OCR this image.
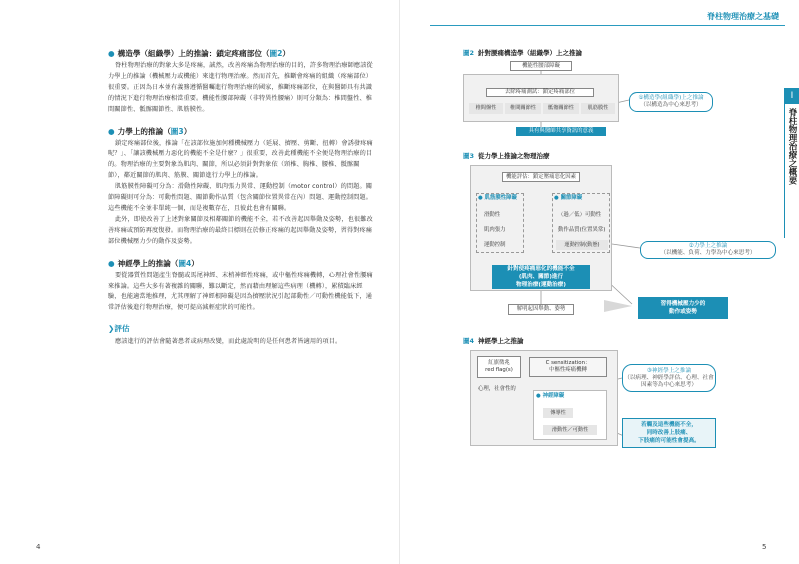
脊柱物理治療之基礎
Ⅰ
脊柱物理治療之概要
● 構造學（組織學）上的推論：鎖定疼痛部位（圖2）
脊柱物理治療的對象大多是疼痛，誠然，改善疼痛為物理治療的目的，許多物理治療師應該從力學上的推論（機械壓力或機能）來進行物理治療。然而首先，推斷會疼痛的組織（疼痛部位）很重要。正因為日本並有義務遵循醫囑進行物理治療的國家，推斷疼痛部位，在與醫師具有共識的情況下進行物理治療相當重要。機能性腰部障礙（非特異性腰痛）則可分類為：椎間盤性、椎間關節性、骶髂關節性、肌筋膜性。
● 力學上的推論（圖3）
鎖定疼痛部位後，推論「在該部位施加何種機械壓力（延展、擠壓、剪斷、扭轉）會誘發疼痛呢？」、「讓該機械壓力惡化的機能不全是什麼？」很重要，改善此種機能不全便是物理治療的目的。物理治療的主要對象為肌肉、關節，所以必須針對對象依（頸椎、胸椎、腰椎、骶髂關節），鄰近關節的肌肉、筋膜、關節進行力學上的推論。
肌筋膜性障礙可分為：滑動性障礙、肌肉張力異常、運動控制（motor control）的問題。關節障礙則可分為：可動性問題、關節動作品質（包含關節位置異常在內）問題、運動控制問題。這些機能不全並非單純一個，而是複數存在，且彼此也會有關聯。
此外，即使改善了上述對象關節及相鄰關節的機能不全，若不改善起因舉動及姿勢，也很難改善疼痛或預防再度復發。而物理治療的最終目標則在於修正疼痛的起因舉動及姿勢，習得對疼痛部位機械壓力少的動作及姿勢。
● 神經學上的推論（圖4）
要從器質性問題產生脊髓或馬尾神經、末梢神經性疼痛，或中樞性疼痛機轉，心理社會性腰痛來推論。這些大多有著複雜的關聯，難以斷定，然而藉由理解這些病理（機轉），累積臨床經驗，也能適當地推理，尤其理解了神經根障礙是因為擠壓狀況引起部動性／可動性機能低下，通常評估後進行物理治療，便可提高減輕症狀的可能性。
❯評估
應該進行的評估會隨著患者或病理改變，而此處說明的是任何患者皆適用的項目。
4	5
圖2 針對腰痛構造學（組織學）上之推論
機能性腰部障礙
去除疼痛測試：鎖定疼痛部位
椎間盤性	椎間關節性	骶髂關節性	肌筋膜性
①構造學(組織學)上之推論
（以構造為中心來思考）
具有與醫師共享資訊的意義
圖3 從力學上推論之物理治療
機能評估：鎖定壓痛惡化因素
● 肌筋膜性障礙
滑動性
肌肉張力
運動控制
● 關節障礙
（過／低）可動性
動作品質(位置異常)
運動控制(動態)
針對使疼痛惡化的機能不全
(肌肉、關節)進行
物理治療(運動治療)
②力學上之推論
（以機能、負荷、力學為中心來思考）
解明起因舉動、姿勢
習得機械壓力少的
動作或姿勢
圖4 神經學上之推論
紅旗徵兆
red flag(s)
心理，社會性的
C sensitization：
中樞性疼痛機轉
● 神經障礙
傳導性
滑動性／可動性
③神經學上之推論
（以病理、神經學評估、心理、社會因素等為中心來思考）
若觸及這些機能不全，
同時改善上肢痛、
下肢痛的可能性會提高。
